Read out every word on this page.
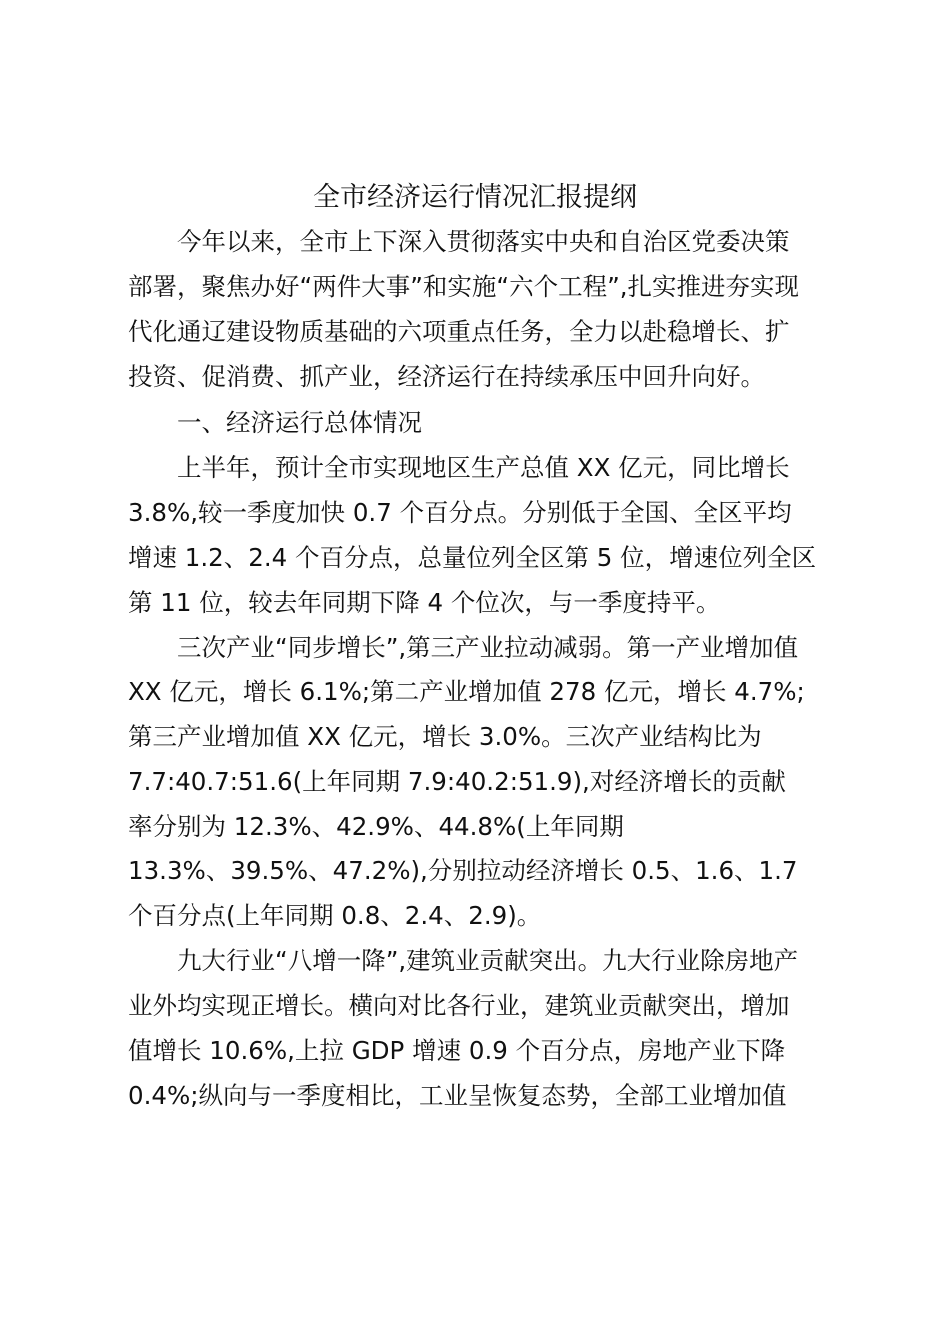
全市经济运行情况汇报提纲
今年以来，全市上下深入贯彻落实中央和自治区党委决策
部署，聚焦办好“两件大事”和实施“六个工程”,扎实推进夯实现
代化通辽建设物质基础的六项重点任务，全力以赴稳增长、扩
投资、促消费、抓产业，经济运行在持续承压中回升向好。
一、经济运行总体情况
上半年，预计全市实现地区生产总值 XX 亿元，同比增长
3.8%,较一季度加快 0.7 个百分点。分别低于全国、全区平均
增速 1.2、2.4 个百分点，总量位列全区第 5 位，增速位列全区
第 11 位，较去年同期下降 4 个位次，与一季度持平。
三次产业“同步增长”,第三产业拉动减弱。第一产业增加值
XX 亿元，增长 6.1%;第二产业增加值 278 亿元，增长 4.7%;
第三产业增加值 XX 亿元，增长 3.0%。三次产业结构比为
7.7:40.7:51.6(上年同期 7.9:40.2:51.9),对经济增长的贡献
率分别为 12.3%、42.9%、44.8%(上年同期
13.3%、39.5%、47.2%),分别拉动经济增长 0.5、1.6、1.7
个百分点(上年同期 0.8、2.4、2.9)。
九大行业“八增一降”,建筑业贡献突出。九大行业除房地产
业外均实现正增长。横向对比各行业，建筑业贡献突出，增加
值增长 10.6%,上拉 GDP 增速 0.9 个百分点，房地产业下降
0.4%;纵向与一季度相比，工业呈恢复态势，全部工业增加值
